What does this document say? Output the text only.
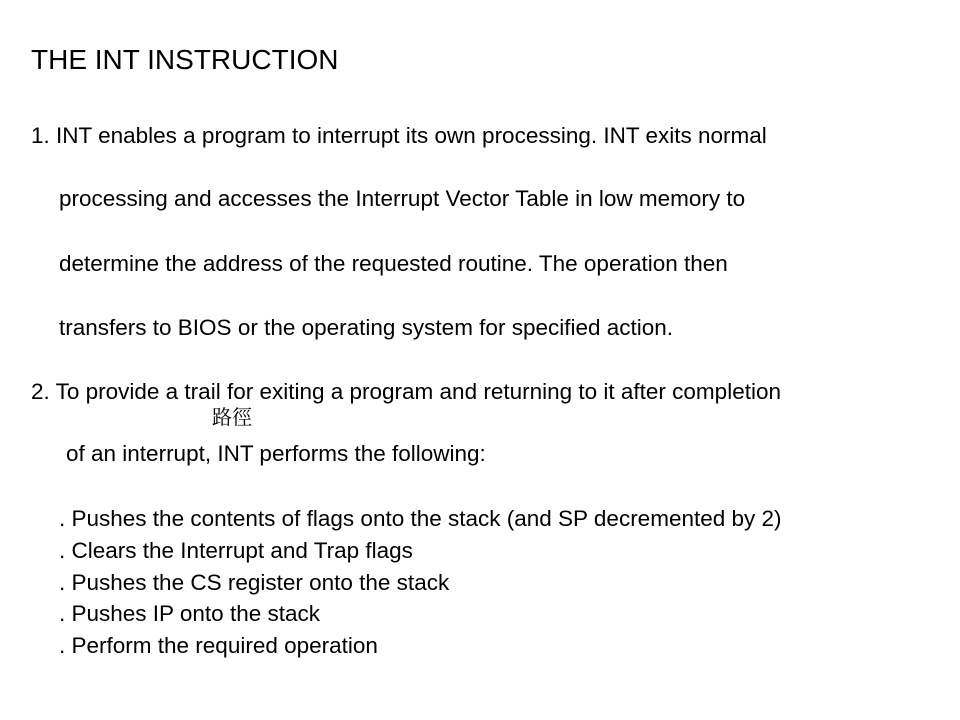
THE INT INSTRUCTION
1. INT enables a program to interrupt its own processing. INT exits normal
processing and accesses the Interrupt Vector Table in low memory to
determine the address of the requested routine. The operation then
transfers to BIOS or the operating system for specified action.
2. To provide a trail for exiting a program and returning to it after completion
路徑
of an interrupt, INT performs the following:
. Pushes the contents of flags onto the stack (and SP decremented by 2)
. Clears the Interrupt and Trap flags
. Pushes the CS register onto the stack
. Pushes IP onto the stack
. Perform the required operation
